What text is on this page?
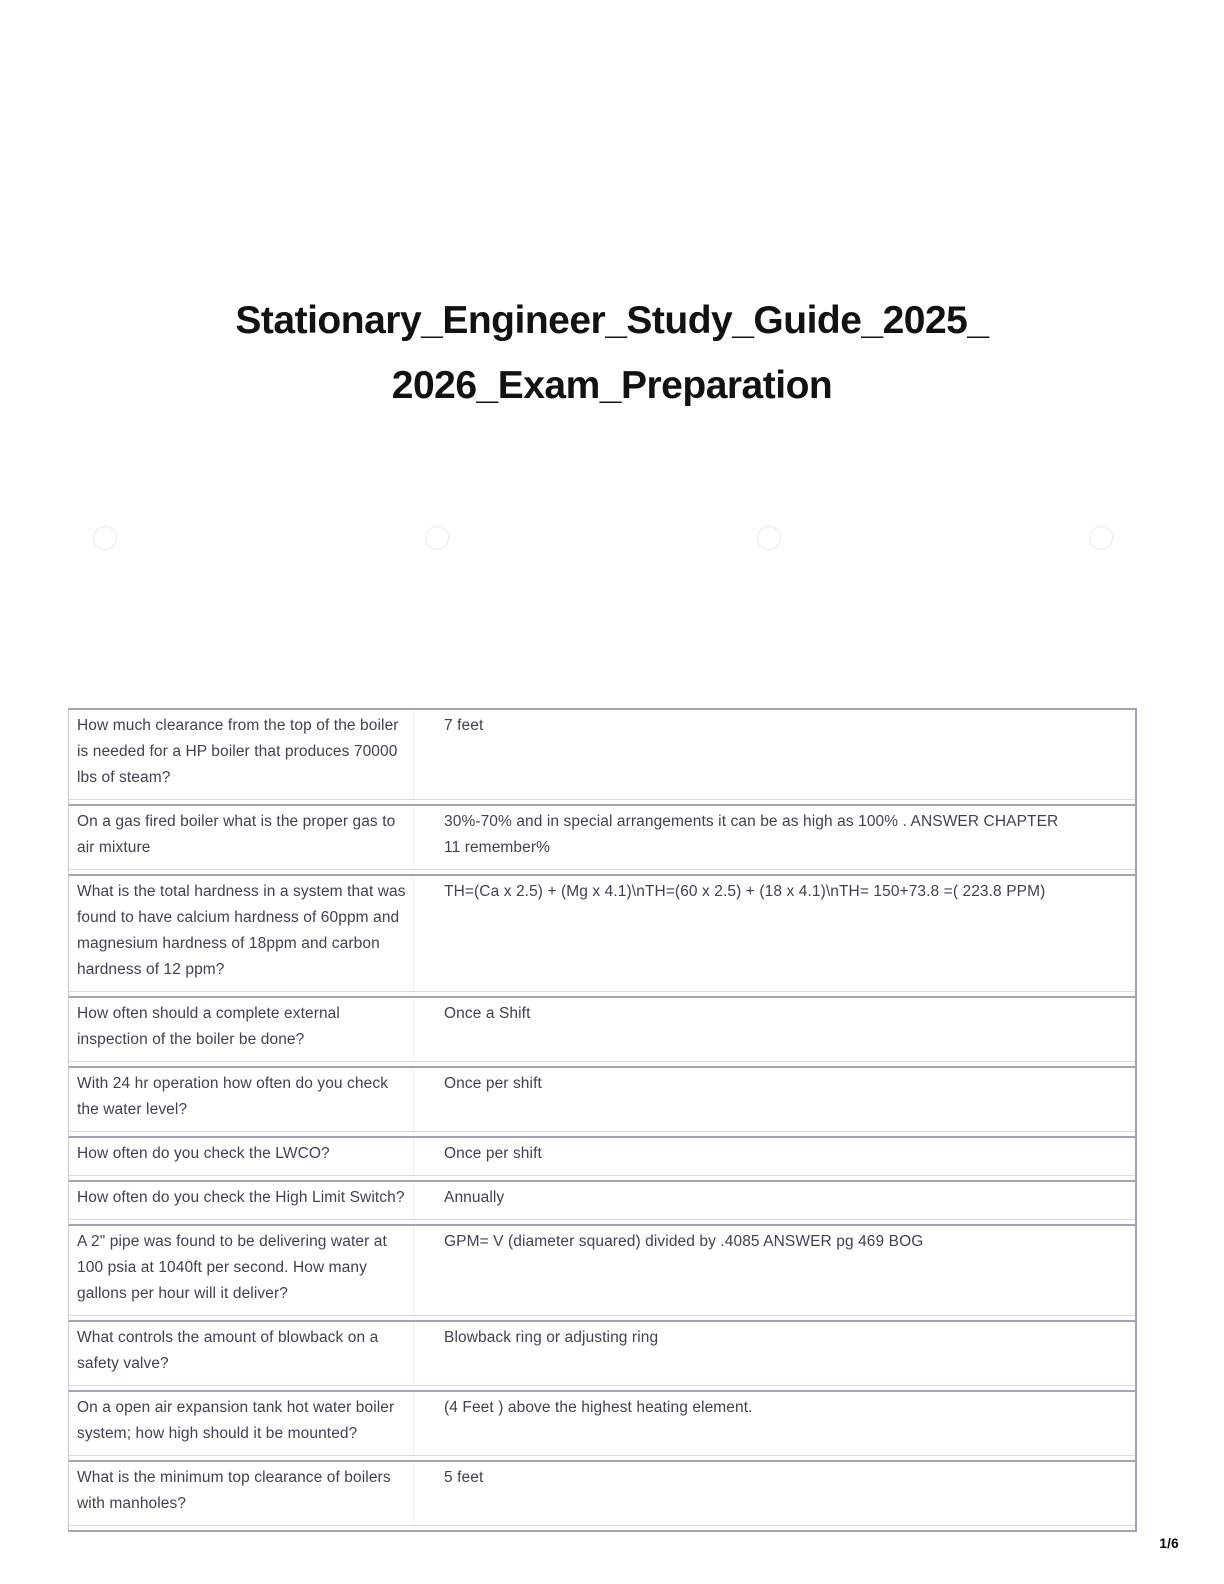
Stationary_Engineer_Study_Guide_2025_
2026_Exam_Preparation
How much clearance from the top of the boiler is needed for a HP boiler that produces 70000 lbs of steam?
7 feet
On a gas fired boiler what is the proper gas to air mixture
30%-70% and in special arrangements it can be as high as 100% . ANSWER CHAPTER 11 remember%
What is the total hardness in a system that was found to have calcium hardness of 60ppm and magnesium hardness of 18ppm and carbon hardness of 12 ppm?
TH=(Ca x 2.5) + (Mg x 4.1)\nTH=(60 x 2.5) + (18 x 4.1)\nTH= 150+73.8 =( 223.8 PPM)
How often should a complete external inspection of the boiler be done?
Once a Shift
With 24 hr operation how often do you check the water level?
Once per shift
How often do you check the LWCO?	Once per shift
How often do you check the High Limit Switch?	Annually
A 2" pipe was found to be delivering water at 100 psia at 1040ft per second. How many gallons per hour will it deliver?
GPM= V (diameter squared) divided by .4085 ANSWER pg 469 BOG
What controls the amount of blowback on a safety valve?
Blowback ring or adjusting ring
On a open air expansion tank hot water boiler system; how high should it be mounted?
(4 Feet ) above the highest heating element.
What is the minimum top clearance of boilers with manholes?
5 feet
1/6
